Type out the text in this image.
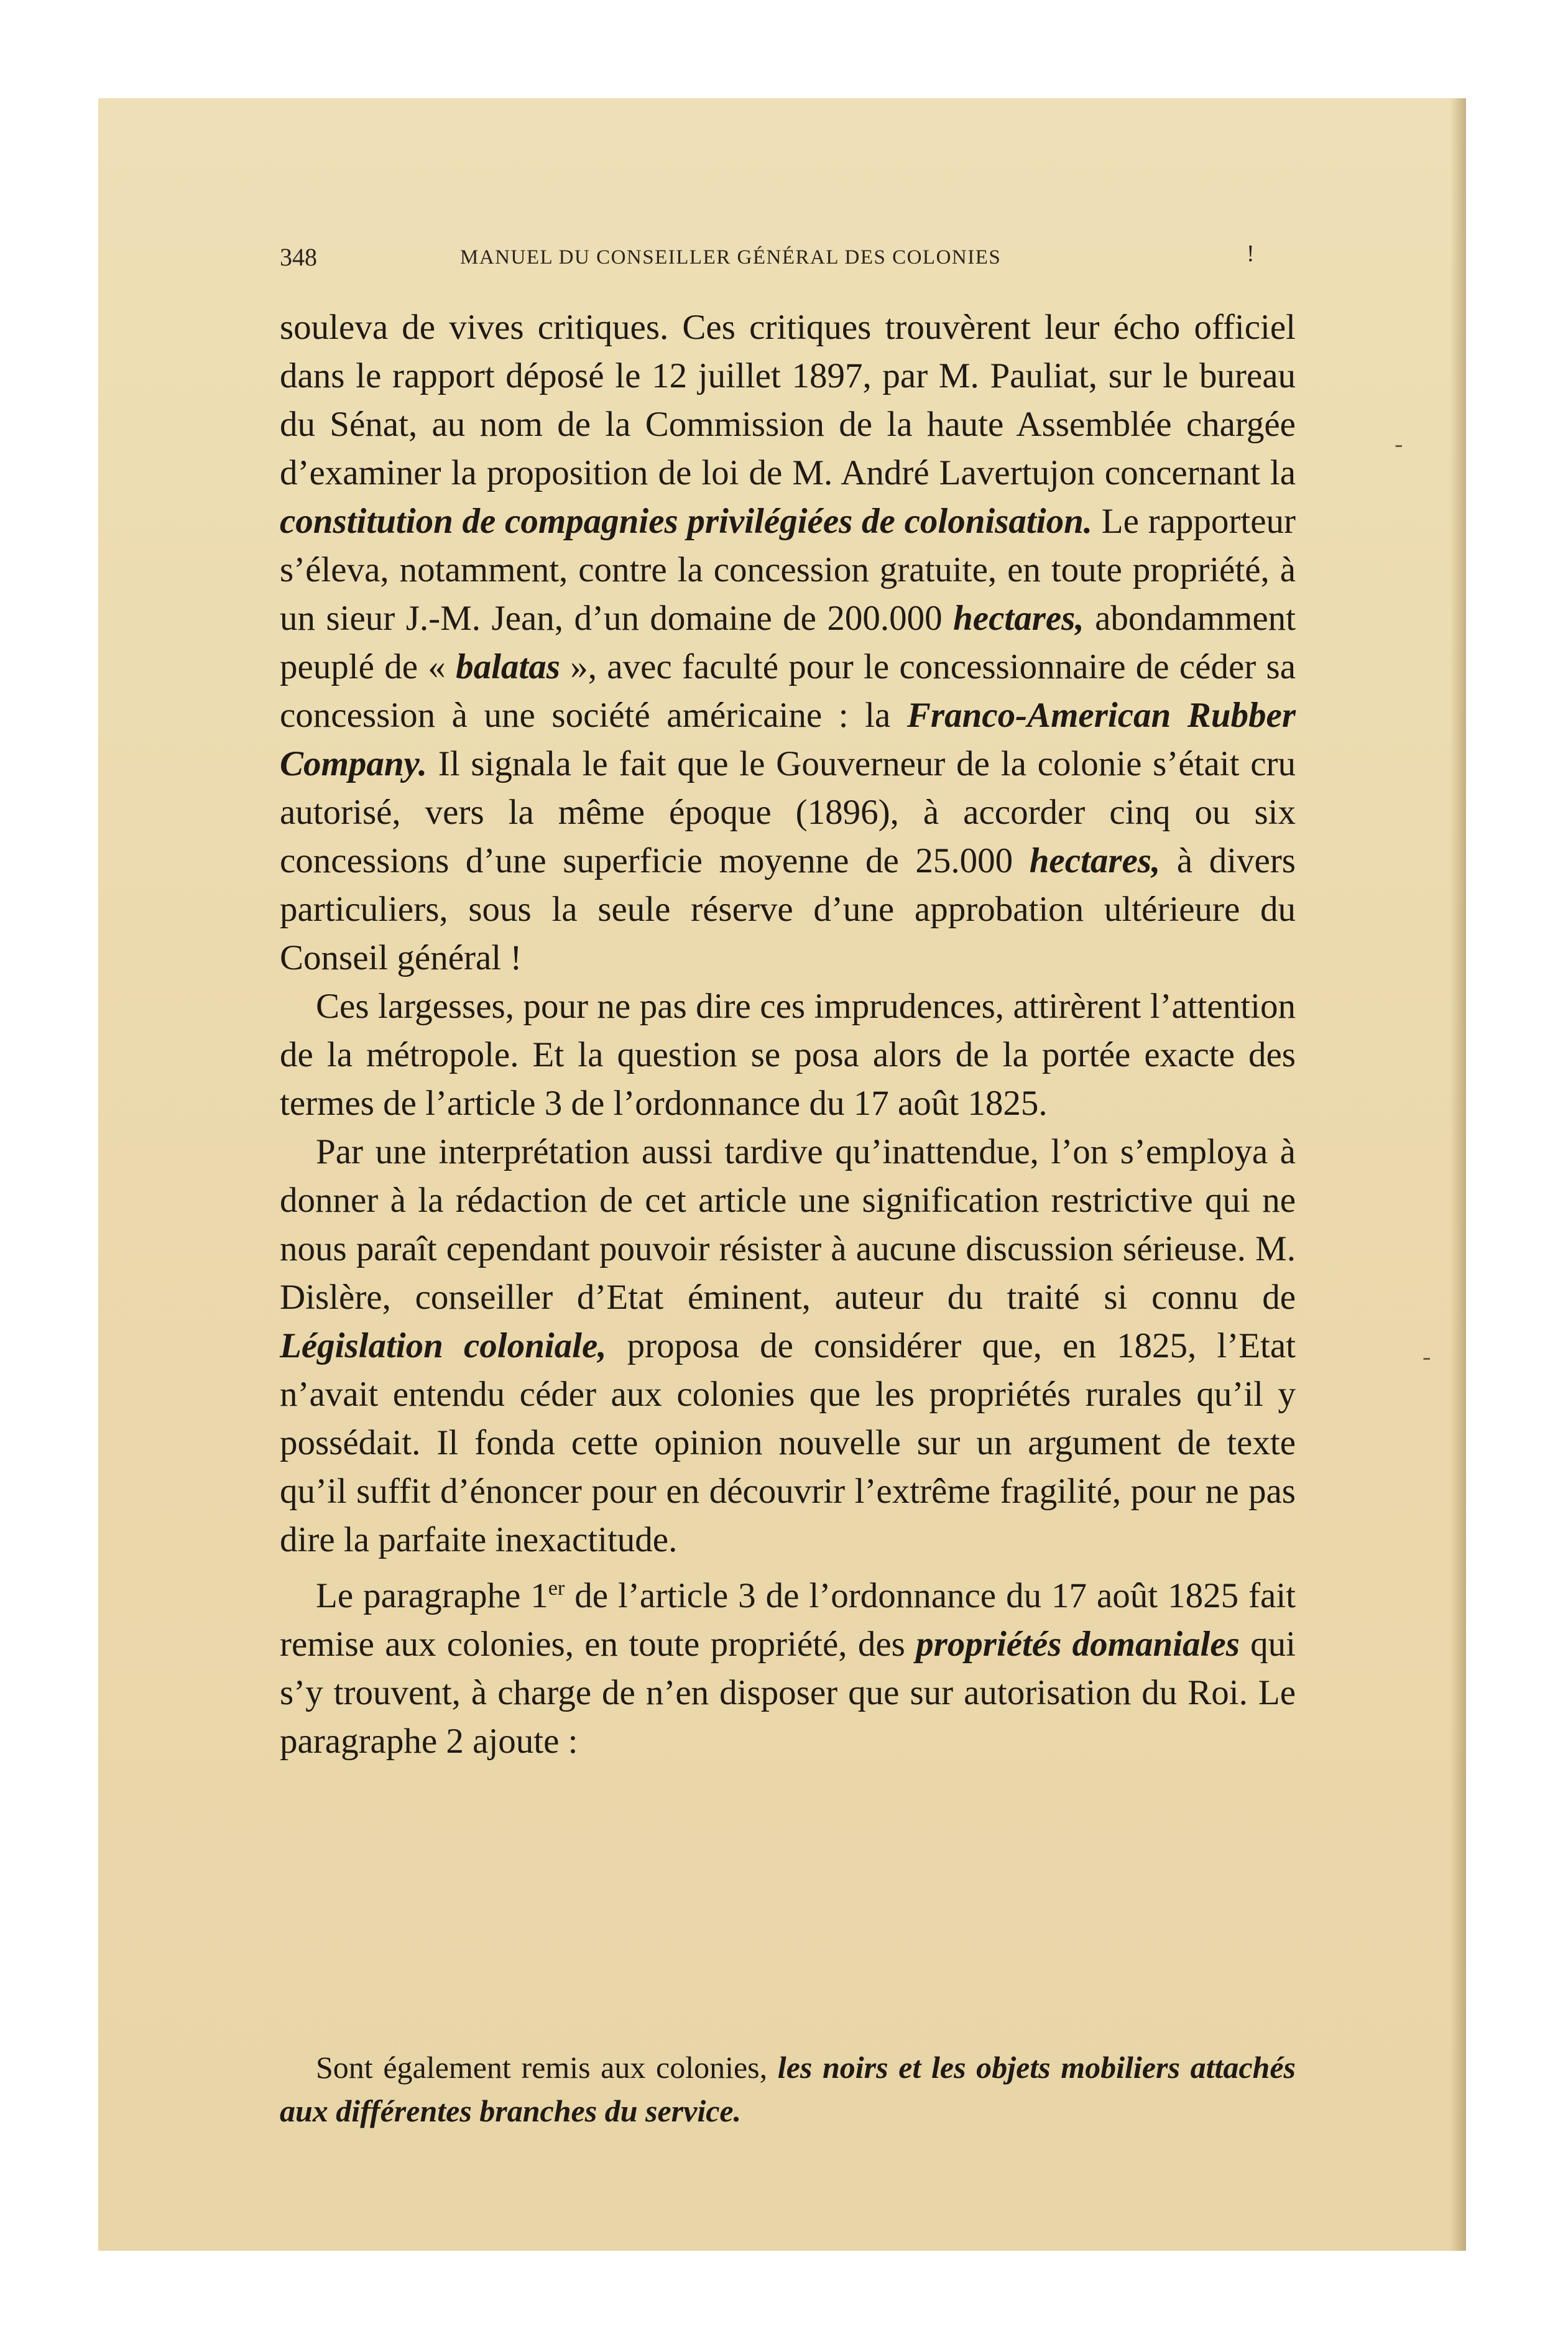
348	MANUEL DU CONSEILLER GÉNÉRAL DES COLONIES	!

souleva de vives critiques. Ces critiques trouvèrent leur écho officiel dans le rapport déposé le 12 juillet 1897, par M. Pauliat, sur le bureau du Sénat, au nom de la Commission de la haute Assemblée chargée d’examiner la proposition de loi de M. André Lavertujon concernant la constitution de compagnies privilégiées de colonisation. Le rapporteur s’éleva, notamment, contre la concession gratuite, en toute propriété, à un sieur J.-M. Jean, d’un domaine de 200.000 hectares, abondamment peuplé de « balatas », avec faculté pour le concessionnaire de céder sa concession à une société américaine : la Franco-American Rubber Company. Il signala le fait que le Gouverneur de la colonie s’était cru autorisé, vers la même époque (1896), à accorder cinq ou six concessions d’une superficie moyenne de 25.000 hectares, à divers particuliers, sous la seule réserve d’une approbation ultérieure du Conseil général !

Ces largesses, pour ne pas dire ces imprudences, attirèrent l’attention de la métropole. Et la question se posa alors de la portée exacte des termes de l’article 3 de l’ordonnance du 17 août 1825.

Par une interprétation aussi tardive qu’inattendue, l’on s’employa à donner à la rédaction de cet article une signification restrictive qui ne nous paraît cependant pouvoir résister à aucune discussion sérieuse. M. Dislère, conseiller d’Etat éminent, auteur du traité si connu de Législation coloniale, proposa de considérer que, en 1825, l’Etat n’avait entendu céder aux colonies que les propriétés rurales qu’il y possédait. Il fonda cette opinion nouvelle sur un argument de texte qu’il suffit d’énoncer pour en découvrir l’extrême fragilité, pour ne pas dire la parfaite inexactitude.

Le paragraphe 1er de l’article 3 de l’ordonnance du 17 août 1825 fait remise aux colonies, en toute propriété, des propriétés domaniales qui s’y trouvent, à charge de n’en disposer que sur autorisation du Roi. Le paragraphe 2 ajoute :

Sont également remis aux colonies, les noirs et les objets mobiliers attachés aux différentes branches du service.
-
-
